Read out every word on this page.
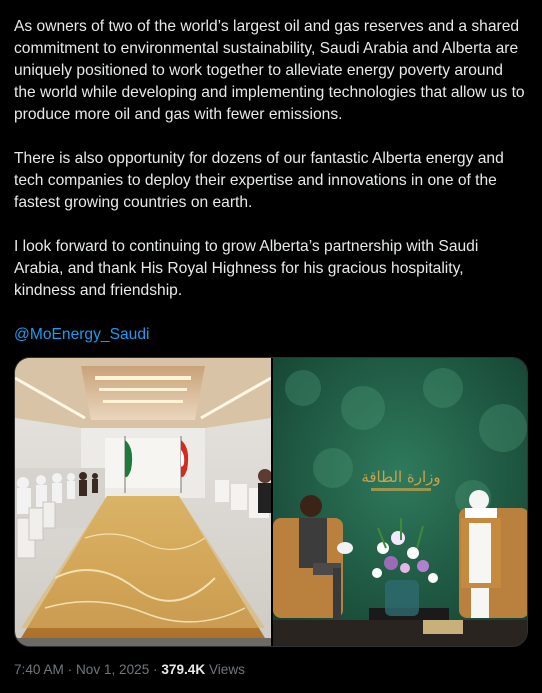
As owners of two of the world’s largest oil and gas reserves and a shared commitment to environmental sustainability, Saudi Arabia and Alberta are uniquely positioned to work together to alleviate energy poverty around the world while developing and implementing technologies that allow us to produce more oil and gas with fewer emissions.

There is also opportunity for dozens of our fantastic Alberta energy and tech companies to deploy their expertise and innovations in one of the fastest growing countries on earth.

I look forward to continuing to grow Alberta’s partnership with Saudi Arabia, and thank His Royal Highness for his gracious hospitality, kindness and friendship.

@MoEnergy_Saudi
وزارة الطاقة
7:40 AM · Nov 1, 2025 · 379.4K Views
